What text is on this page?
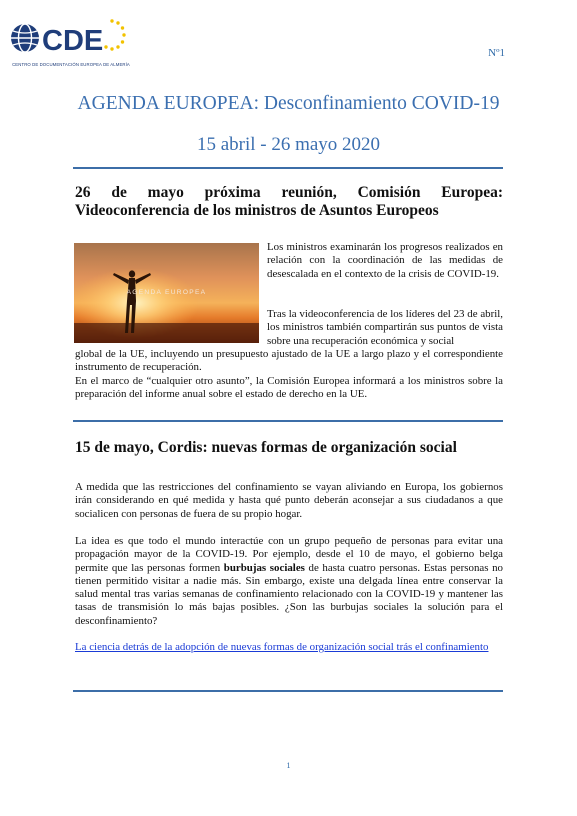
CDE
CENTRO DE DOCUMENTACIÓN EUROPEA DE ALMERÍA
Nº1
AGENDA EUROPEA: Desconfinamiento COVID-19
15 abril - 26 mayo 2020
26 de mayo próxima reunión, Comisión Europea: Videoconferencia de los ministros de Asuntos Europeos
AGENDA EUROPEA
Los ministros examinarán los progresos realizados en relación con la coordinación de las medidas de desescalada en el contexto de la crisis de COVID-19.
Tras la videoconferencia de los líderes del 23 de abril, los ministros también compartirán sus puntos de vista sobre una recuperación económica y social
global de la UE, incluyendo un presupuesto ajustado de la UE a largo plazo y el correspondiente instrumento de recuperación.
En el marco de “cualquier otro asunto”, la Comisión Europea informará a los ministros sobre la preparación del informe anual sobre el estado de derecho en la UE.
15 de mayo, Cordis: nuevas formas de organización social
A medida que las restricciones del confinamiento se vayan aliviando en Europa, los gobiernos irán considerando en qué medida y hasta qué punto deberán aconsejar a sus ciudadanos a que socialicen con personas de fuera de su propio hogar.
La idea es que todo el mundo interactúe con un grupo pequeño de personas para evitar una propagación mayor de la COVID-19. Por ejemplo, desde el 10 de mayo, el gobierno belga permite que las personas formen burbujas sociales de hasta cuatro personas. Estas personas no tienen permitido visitar a nadie más. Sin embargo, existe una delgada línea entre conservar la salud mental tras varias semanas de confinamiento relacionado con la COVID-19 y mantener las tasas de transmisión lo más bajas posibles. ¿Son las burbujas sociales la solución para el desconfinamiento?
La ciencia detrás de la adopción de nuevas formas de organización social trás el confinamiento
1
